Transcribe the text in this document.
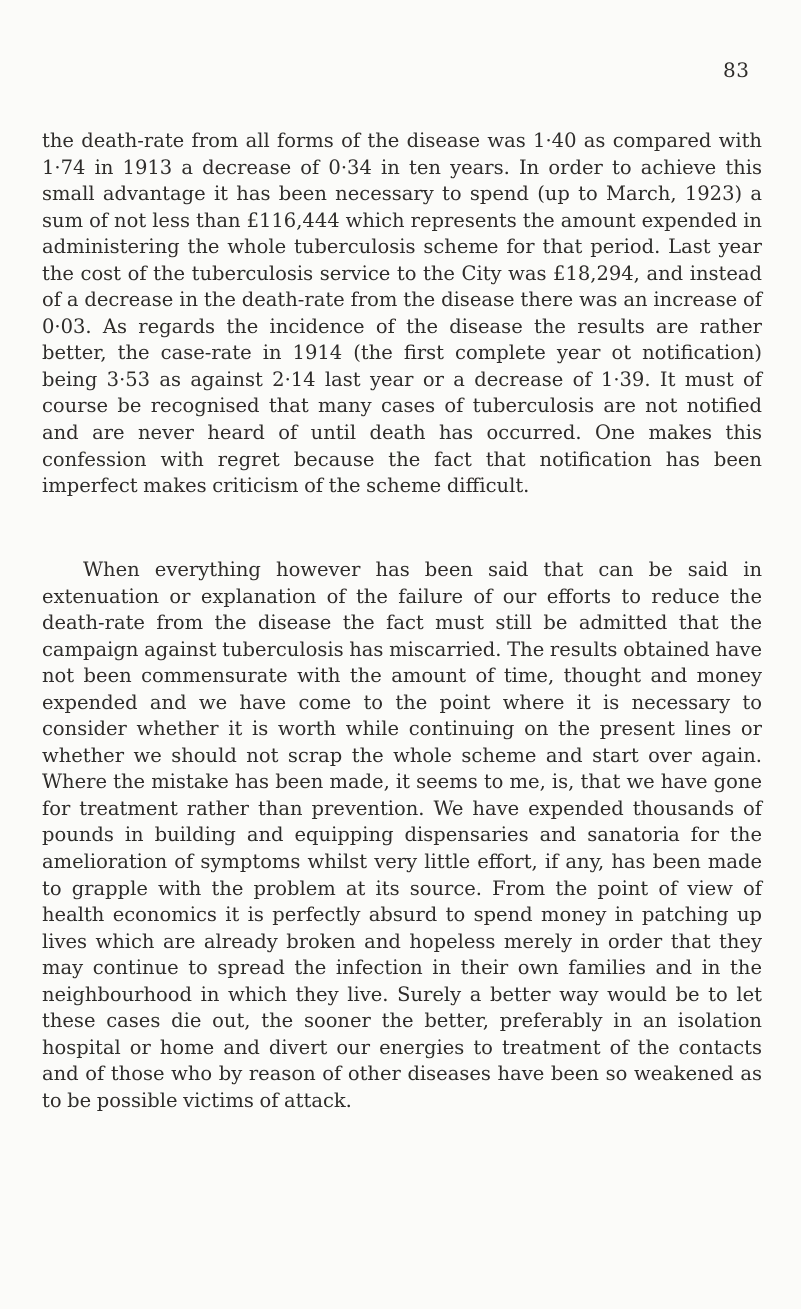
83

the death-rate from all forms of the disease was 1·40 as compared with 1·74 in 1913 a decrease of 0·34 in ten years. In order to achieve this small advantage it has been necessary to spend (up to March, 1923) a sum of not less than £116,444 which represents the amount expended in administering the whole tuberculosis scheme for that period. Last year the cost of the tuberculosis service to the City was £18,294, and instead of a decrease in the death-rate from the disease there was an increase of 0·03. As regards the incidence of the disease the results are rather better, the case-rate in 1914 (the first complete year ot notification) being 3·53 as against 2·14 last year or a decrease of 1·39. It must of course be recognised that many cases of tuberculosis are not notified and are never heard of until death has occurred. One makes this confession with regret because the fact that notification has been imperfect makes criticism of the scheme difficult.

When everything however has been said that can be said in extenuation or explanation of the failure of our efforts to reduce the death-rate from the disease the fact must still be admitted that the campaign against tuberculosis has miscarried. The results obtained have not been commensurate with the amount of time, thought and money expended and we have come to the point where it is necessary to consider whether it is worth while continuing on the present lines or whether we should not scrap the whole scheme and start over again. Where the mistake has been made, it seems to me, is, that we have gone for treatment rather than prevention. We have expended thousands of pounds in building and equipping dispensaries and sanatoria for the amelioration of symptoms whilst very little effort, if any, has been made to grapple with the problem at its source. From the point of view of health economics it is perfectly absurd to spend money in patching up lives which are already broken and hopeless merely in order that they may continue to spread the infection in their own families and in the neighbourhood in which they live. Surely a better way would be to let these cases die out, the sooner the better, preferably in an isolation hospital or home and divert our energies to treatment of the contacts and of those who by reason of other diseases have been so weakened as to be possible victims of attack.
